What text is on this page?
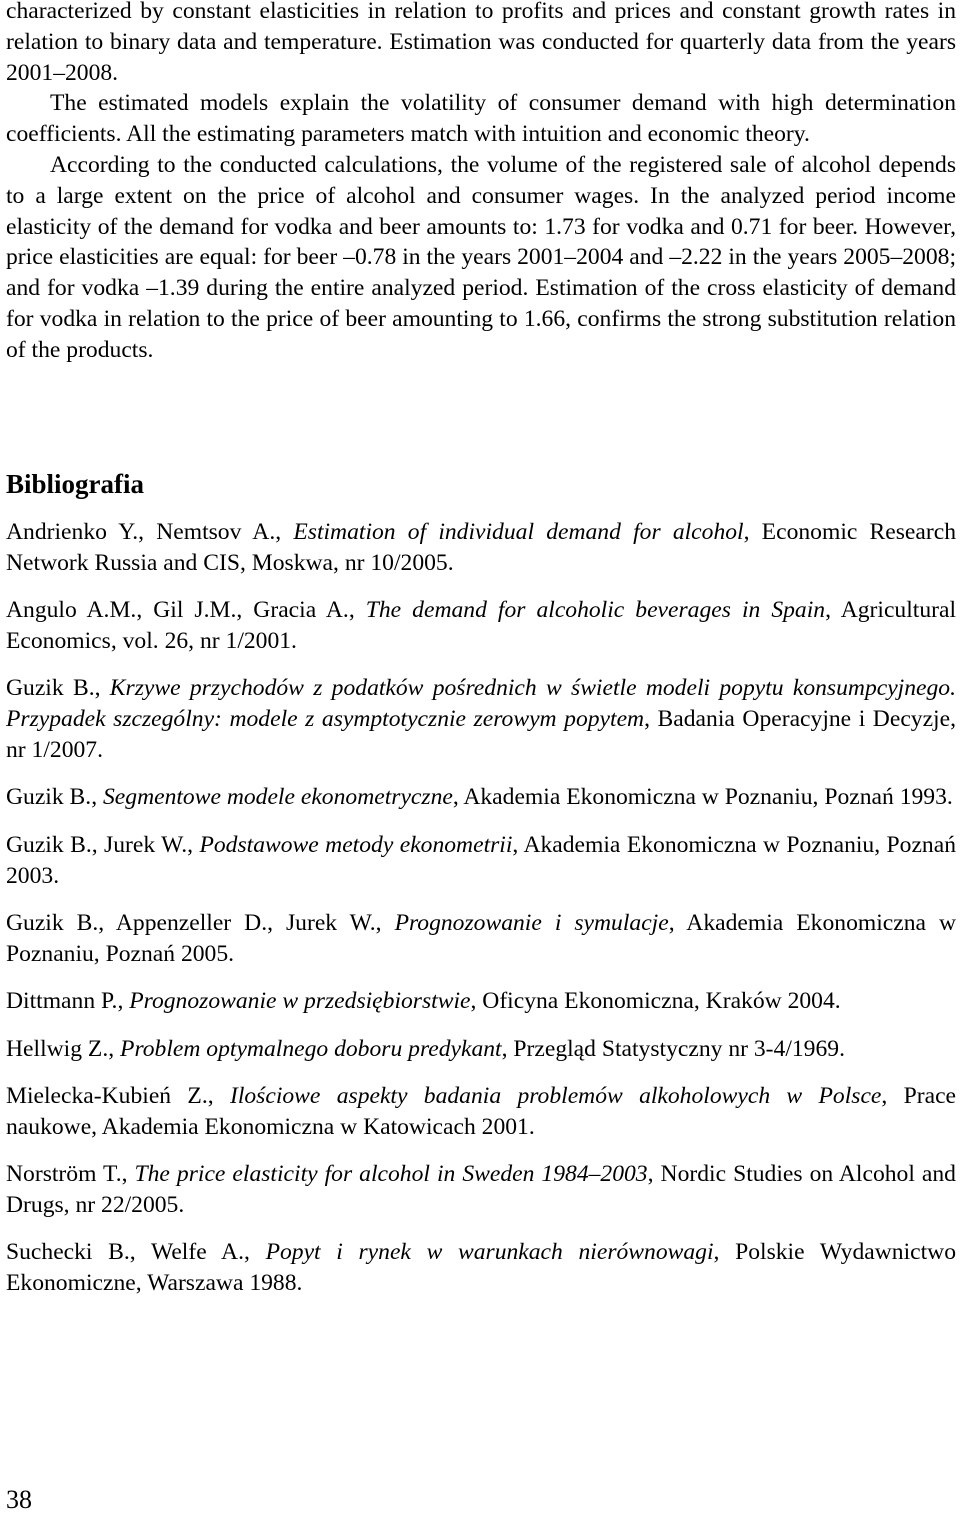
characterized by constant elasticities in relation to profits and prices and constant growth rates in relation to binary data and temperature. Estimation was conducted for quarterly data from the years 2001–2008.

The estimated models explain the volatility of consumer demand with high determination coefficients. All the estimating parameters match with intuition and economic theory.

According to the conducted calculations, the volume of the registered sale of alcohol depends to a large extent on the price of alcohol and consumer wages. In the analyzed period income elasticity of the demand for vodka and beer amounts to: 1.73 for vodka and 0.71 for beer. However, price elasticities are equal: for beer –0.78 in the years 2001–2004 and –2.22 in the years 2005–2008; and for vodka –1.39 during the entire analyzed period. Estimation of the cross elasticity of demand for vodka in relation to the price of beer amounting to 1.66, confirms the strong substitution relation of the products.

Bibliografia

Andrienko Y., Nemtsov A., Estimation of individual demand for alcohol, Economic Research Network Russia and CIS, Moskwa, nr 10/2005.

Angulo A.M., Gil J.M., Gracia A., The demand for alcoholic beverages in Spain, Agricultural Economics, vol. 26, nr 1/2001.

Guzik B., Krzywe przychodów z podatków pośrednich w świetle modeli popytu konsumpcyjnego. Przypadek szczególny: modele z asymptotycznie zerowym popytem, Badania Operacyjne i Decyzje, nr 1/2007.

Guzik B., Segmentowe modele ekonometryczne, Akademia Ekonomiczna w Poznaniu, Poznań 1993.

Guzik B., Jurek W., Podstawowe metody ekonometrii, Akademia Ekonomiczna w Poznaniu, Poznań 2003.

Guzik B., Appenzeller D., Jurek W., Prognozowanie i symulacje, Akademia Ekonomiczna w Poznaniu, Poznań 2005.

Dittmann P., Prognozowanie w przedsiębiorstwie, Oficyna Ekonomiczna, Kraków 2004.

Hellwig Z., Problem optymalnego doboru predykant, Przegląd Statystyczny nr 3-4/1969.

Mielecka-Kubień Z., Ilościowe aspekty badania problemów alkoholowych w Polsce, Prace naukowe, Akademia Ekonomiczna w Katowicach 2001.

Norström T., The price elasticity for alcohol in Sweden 1984–2003, Nordic Studies on Alcohol and Drugs, nr 22/2005.

Suchecki B., Welfe A., Popyt i rynek w warunkach nierównowagi, Polskie Wydawnictwo Ekonomiczne, Warszawa 1988.

38
